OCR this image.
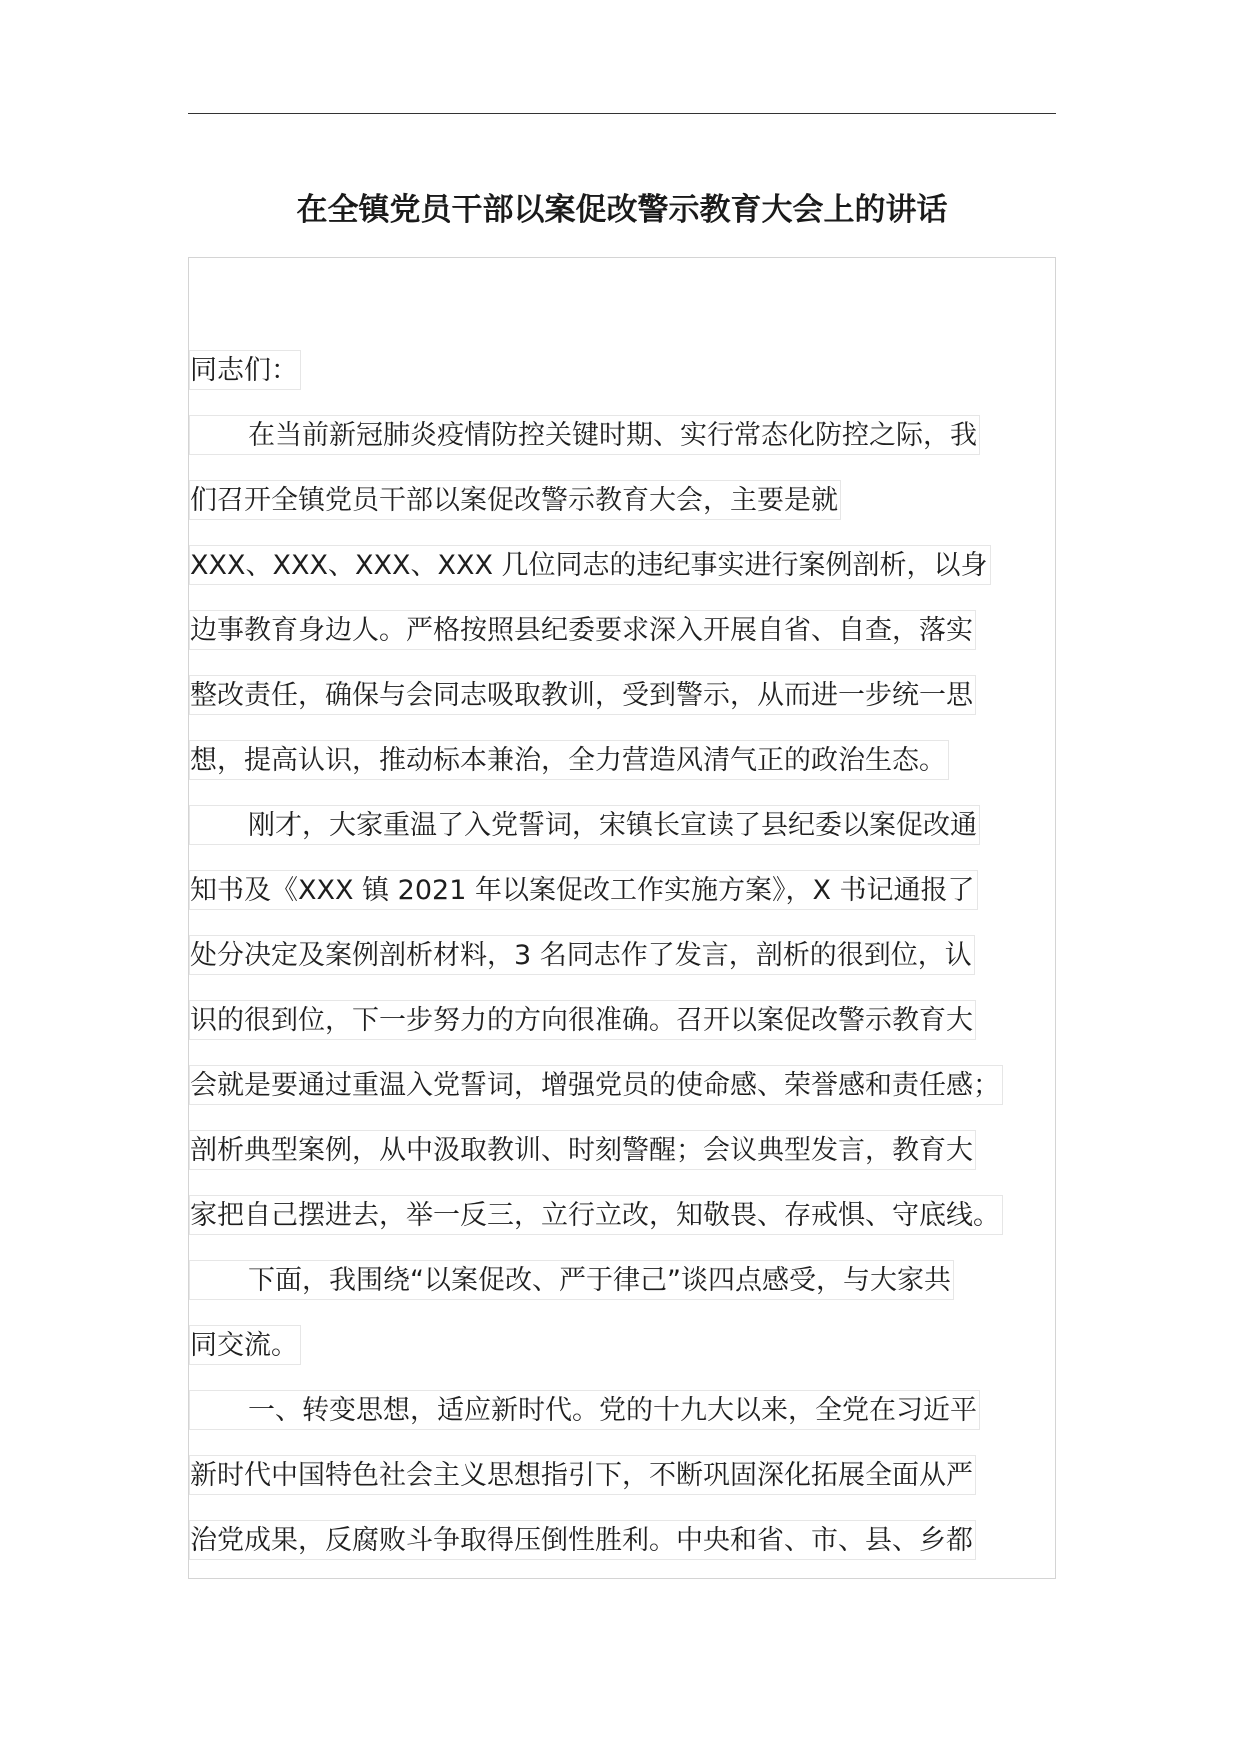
在全镇党员干部以案促改警示教育大会上的讲话
同志们：
在当前新冠肺炎疫情防控关键时期、实行常态化防控之际，我
们召开全镇党员干部以案促改警示教育大会，主要是就
XXX、XXX、XXX、XXX 几位同志的违纪事实进行案例剖析，以身
边事教育身边人。严格按照县纪委要求深入开展自省、自查，落实
整改责任，确保与会同志吸取教训，受到警示，从而进一步统一思
想，提高认识，推动标本兼治，全力营造风清气正的政治生态。
刚才，大家重温了入党誓词，宋镇长宣读了县纪委以案促改通
知书及《XXX 镇 2021 年以案促改工作实施方案》，X 书记通报了
处分决定及案例剖析材料，3 名同志作了发言，剖析的很到位，认
识的很到位，下一步努力的方向很准确。召开以案促改警示教育大
会就是要通过重温入党誓词，增强党员的使命感、荣誉感和责任感；
剖析典型案例，从中汲取教训、时刻警醒；会议典型发言，教育大
家把自己摆进去，举一反三，立行立改，知敬畏、存戒惧、守底线。
下面，我围绕“以案促改、严于律己”谈四点感受，与大家共
同交流。
一、转变思想，适应新时代。党的十九大以来，全党在习近平
新时代中国特色社会主义思想指引下，不断巩固深化拓展全面从严
治党成果，反腐败斗争取得压倒性胜利。中央和省、市、县、乡都
